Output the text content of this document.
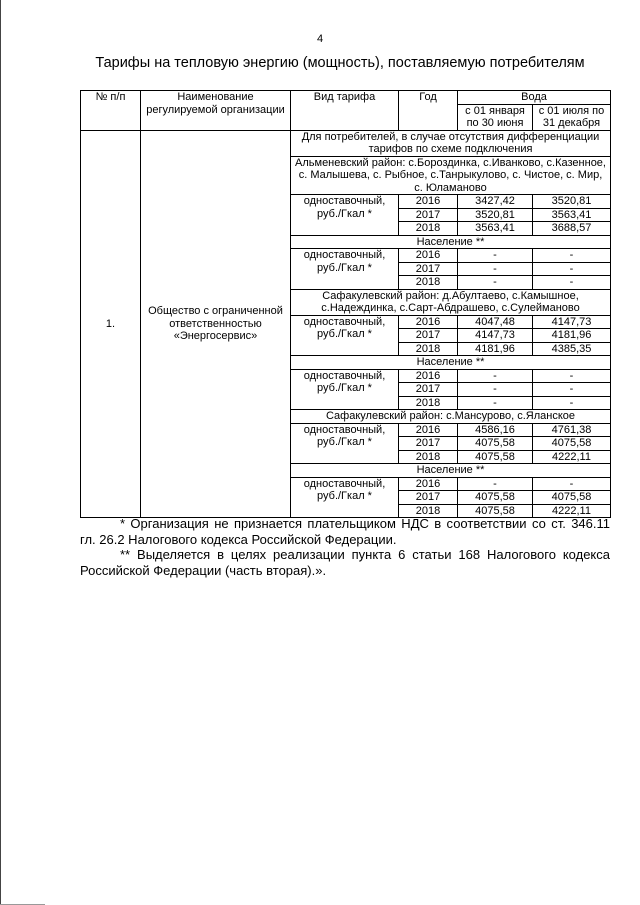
4
Тарифы на тепловую энергию (мощность), поставляемую потребителям
№ п/п	Наименование регулируемой организации	Вид тарифа	Год	Вода	
				с 01 января по 30 июня	с 01 июля по 31 декабря
1.	Общество с ограниченной ответственностью «Энергосервис»	Для потребителей, в случае отсутствия дифференциации тарифов по схеме подключения			
		Альменевский район: с.Бороздинка, с.Иванково, с.Казенное, с. Малышева, с. Рыбное, с.Танрыкулово, с. Чистое, с. Мир, с. Юламаново			
		одноставочный, руб./Гкал *	2016	3427,42	3520,81
			2017	3520,81	3563,41
			2018	3563,41	3688,57
		Население **			
		одноставочный, руб./Гкал *	2016	-	-
			2017	-	-
			2018	-	-
		Сафакулевский район: д.Абултаево, с.Камышное, с.Надеждинка, с.Сарт-Абдрашево, с.Сулейманово			
		одноставочный, руб./Гкал *	2016	4047,48	4147,73
			2017	4147,73	4181,96
			2018	4181,96	4385,35
		Население **			
		одноставочный, руб./Гкал *	2016	-	-
			2017	-	-
			2018	-	-
		Сафакулевский район: с.Мансурово, с.Яланское			
		одноставочный, руб./Гкал *	2016	4586,16	4761,38
			2017	4075,58	4075,58
			2018	4075,58	4222,11
		Население **			
		одноставочный, руб./Гкал *	2016	-	-
			2017	4075,58	4075,58
			2018	4075,58	4222,11

* Организация не признается плательщиком НДС в соответствии со ст. 346.11 гл. 26.2 Налогового кодекса Российской Федерации.

** Выделяется в целях реализации пункта 6 статьи 168 Налогового кодекса Российской Федерации (часть вторая).».
